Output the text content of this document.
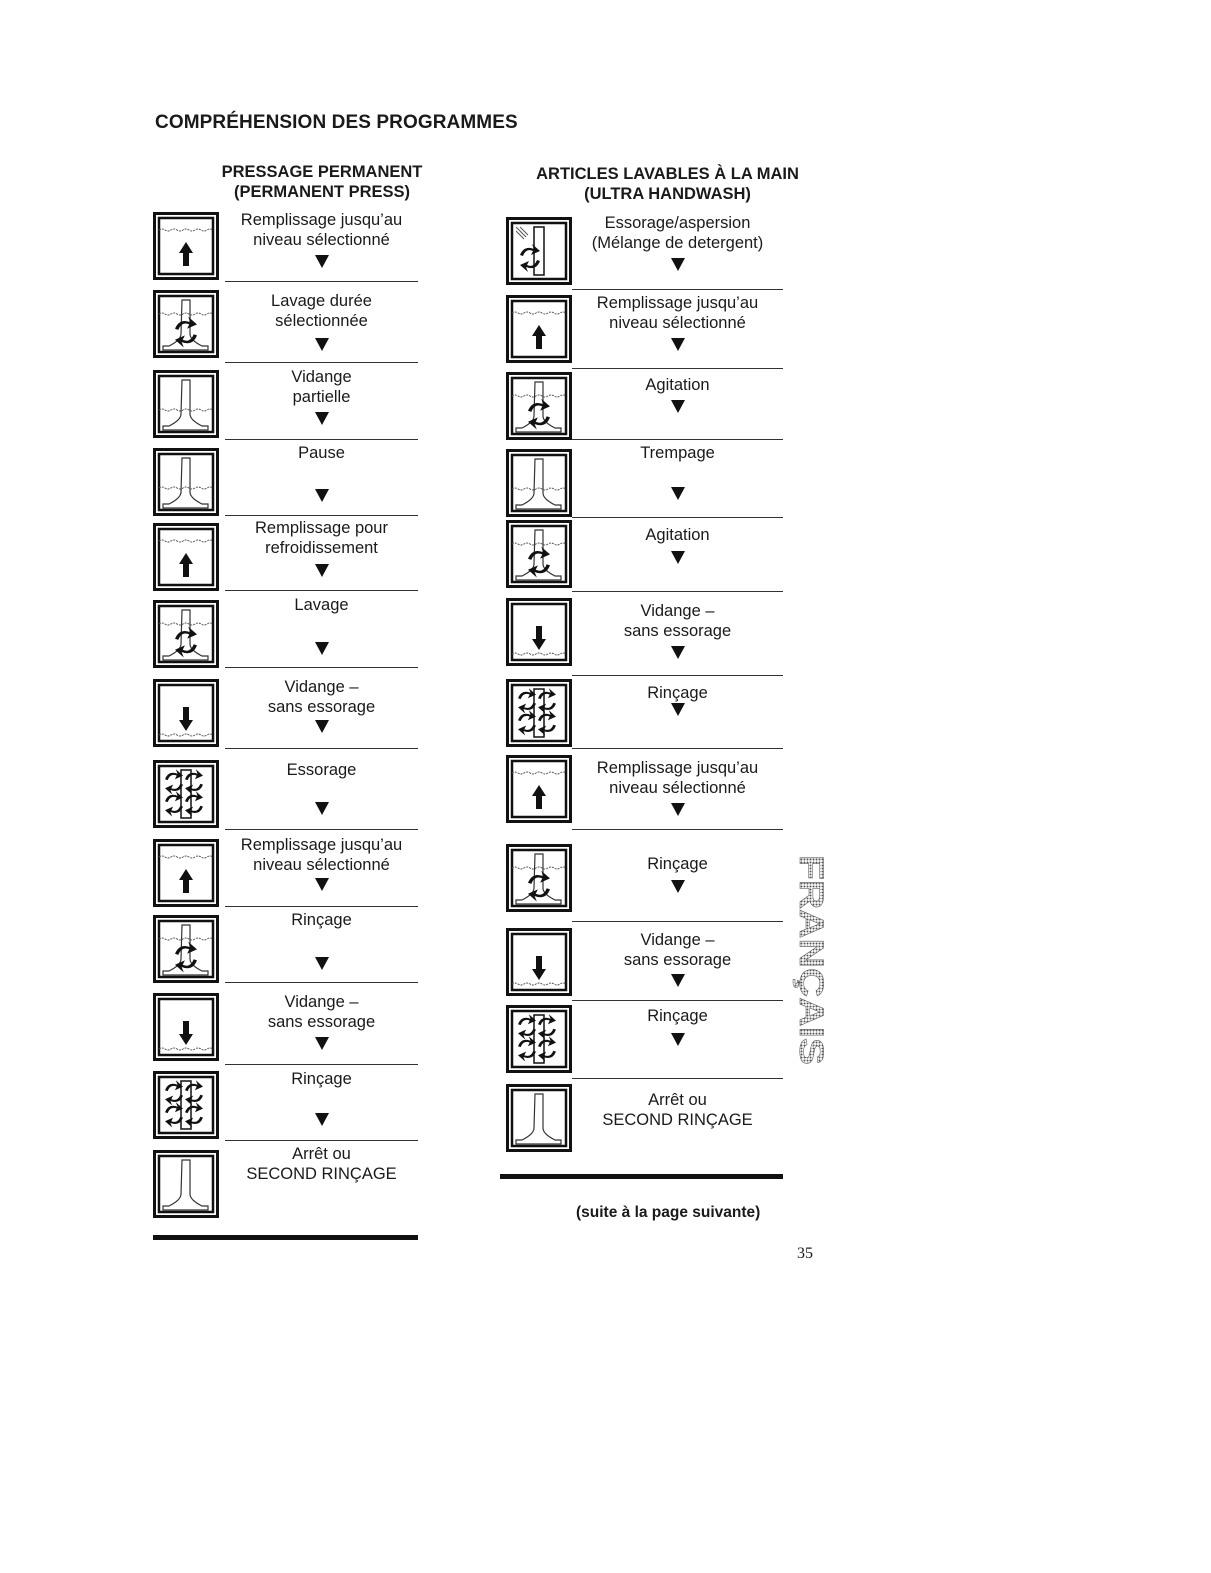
COMPRÉHENSION DES PROGRAMMES
PRESSAGE PERMANENT
(PERMANENT PRESS)
ARTICLES LAVABLES À LA MAIN
(ULTRA HANDWASH)
Remplissage jusqu’au
niveau sélectionné
Lavage durée
sélectionnée
Vidange
partielle
Pause
Remplissage pour
refroidissement
Lavage
Vidange –
sans essorage
Essorage
Remplissage jusqu’au
niveau sélectionné
Rinçage
Vidange –
sans essorage
Rinçage
Arrêt ou
SECOND RINÇAGE
Essorage/aspersion
(Mélange de detergent)
Remplissage jusqu’au
niveau sélectionné
Agitation
Trempage
Agitation
Vidange –
sans essorage
Rinçage
Remplissage jusqu’au
niveau sélectionné
Rinçage
Vidange –
sans essorage
Rinçage
Arrêt ou
SECOND RINÇAGE
(suite à la page suivante)
35
FRANÇAIS
